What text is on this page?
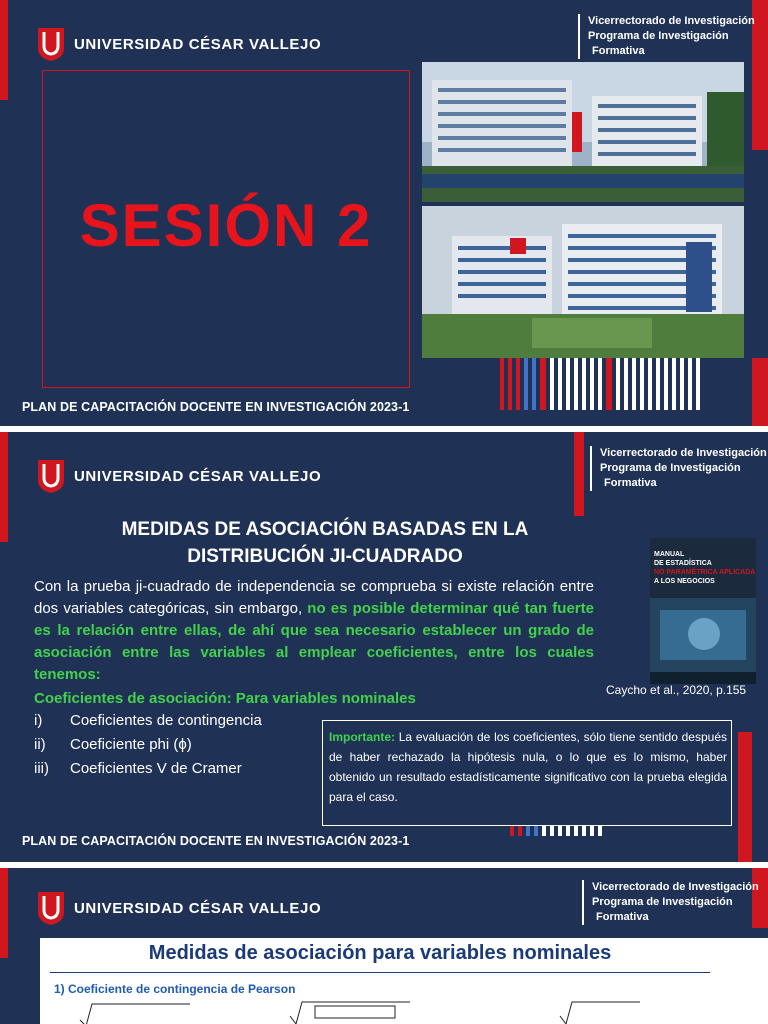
UNIVERSIDAD CÉSAR VALLEJO
Vicerrectorado de Investigación
Programa de Investigación
Formativa
SESIÓN 2
PLAN DE CAPACITACIÓN DOCENTE EN INVESTIGACIÓN 2023-1
UNIVERSIDAD CÉSAR VALLEJO
Vicerrectorado de Investigación
Programa de Investigación
Formativa
MEDIDAS DE ASOCIACIÓN BASADAS EN LA
DISTRIBUCIÓN JI-CUADRADO
Con la prueba ji-cuadrado de independencia se comprueba si existe relación entre dos variables categóricas, sin embargo, no es posible determinar qué tan fuerte es la relación entre ellas, de ahí que sea necesario establecer un grado de asociación entre las variables al emplear coeficientes, entre los cuales tenemos:
Coeficientes de asociación: Para variables nominales
i) Coeficientes de contingencia
ii) Coeficiente phi (ϕ)
iii) Coeficientes V de Cramer
MANUAL
DE ESTADÍSTICA
NO PARAMÉTRICA APLICADA
A LOS NEGOCIOS
Caycho et al., 2020, p.155
Importante: La evaluación de los coeficientes, sólo tiene sentido después de haber rechazado la hipótesis nula, o lo que es lo mismo, haber obtenido un resultado estadísticamente significativo con la prueba elegida para el caso.
PLAN DE CAPACITACIÓN DOCENTE EN INVESTIGACIÓN 2023-1
UNIVERSIDAD CÉSAR VALLEJO
Vicerrectorado de Investigación
Programa de Investigación
Formativa
Medidas de asociación para variables nominales
1) Coeficiente de contingencia de Pearson
